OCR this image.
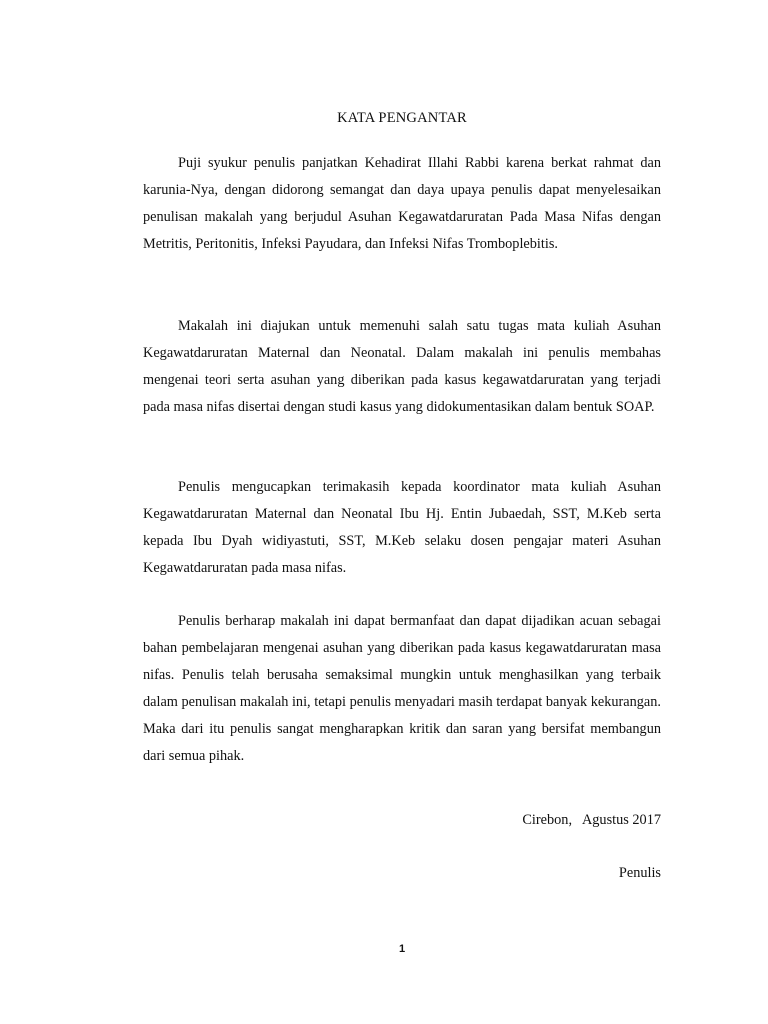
KATA PENGANTAR

Puji syukur penulis panjatkan Kehadirat Illahi Rabbi karena berkat rahmat dan karunia-Nya, dengan didorong semangat dan daya upaya penulis dapat menyelesaikan penulisan makalah yang berjudul Asuhan Kegawatdaruratan Pada Masa Nifas dengan Metritis, Peritonitis, Infeksi Payudara, dan Infeksi Nifas Tromboplebitis.

Makalah ini diajukan untuk memenuhi salah satu tugas mata kuliah Asuhan Kegawatdaruratan Maternal dan Neonatal. Dalam makalah ini penulis membahas mengenai teori serta asuhan yang diberikan pada kasus kegawatdaruratan yang terjadi pada masa nifas disertai dengan studi kasus yang didokumentasikan dalam bentuk SOAP.

Penulis mengucapkan terimakasih kepada koordinator mata kuliah Asuhan Kegawatdaruratan Maternal dan Neonatal Ibu Hj. Entin Jubaedah, SST, M.Keb serta kepada Ibu Dyah widiyastuti, SST, M.Keb selaku dosen pengajar materi Asuhan Kegawatdaruratan pada masa nifas.

Penulis berharap makalah ini dapat bermanfaat dan dapat dijadikan acuan sebagai bahan pembelajaran mengenai asuhan yang diberikan pada kasus kegawatdaruratan masa nifas. Penulis telah berusaha semaksimal mungkin untuk menghasilkan yang terbaik dalam penulisan makalah ini, tetapi penulis menyadari masih terdapat banyak kekurangan. Maka dari itu penulis sangat mengharapkan kritik dan saran yang bersifat membangun dari semua pihak.

Cirebon,   Agustus 2017

Penulis

1
